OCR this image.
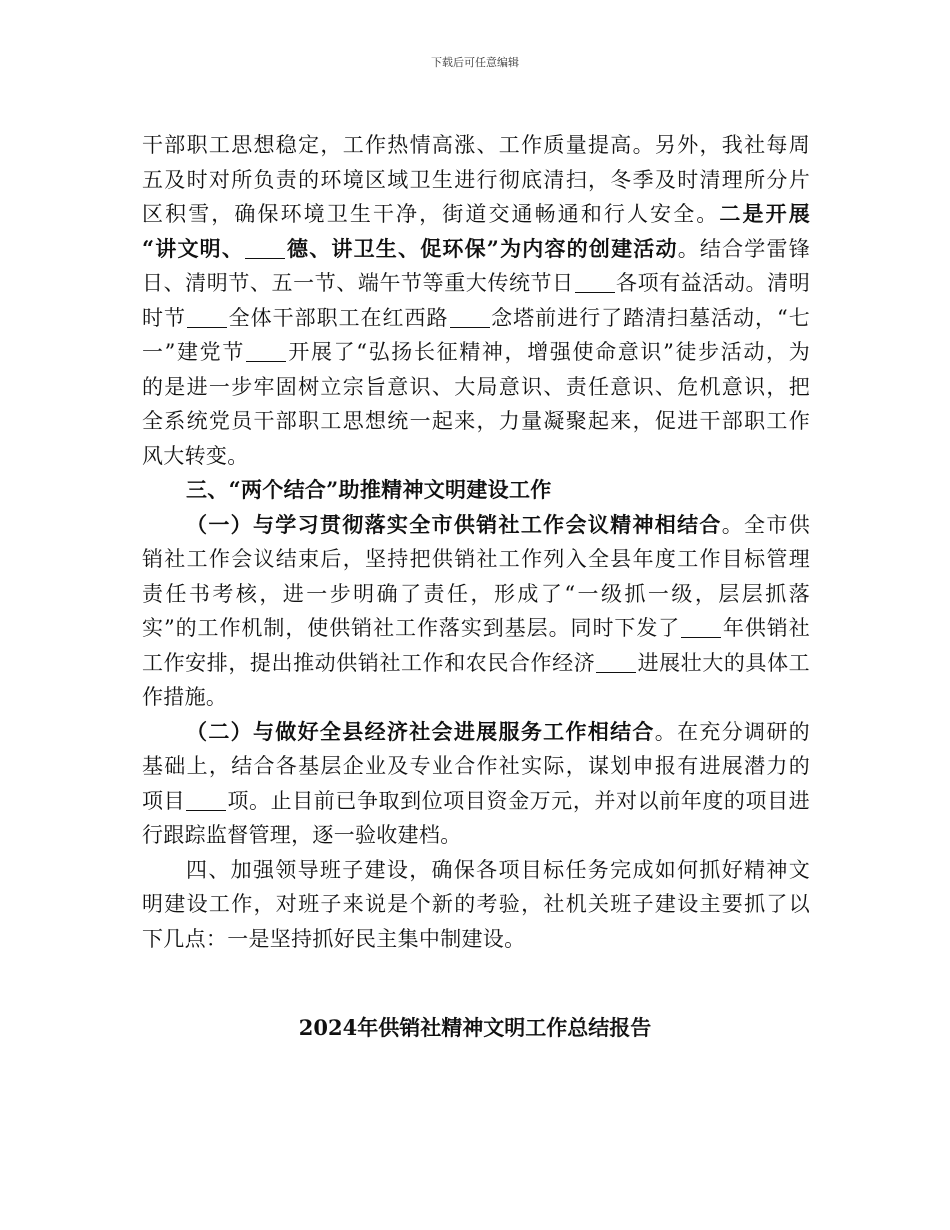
下载后可任意编辑
干部职工思想稳定，工作热情高涨、工作质量提高。另外，我社每周
五及时对所负责的环境区域卫生进行彻底清扫，冬季及时清理所分片
区积雪，确保环境卫生干净，街道交通畅通和行人安全。二是开展
“讲文明、 德、讲卫生、促环保”为内容的创建活动。结合学雷锋
日、清明节、五一节、端午节等重大传统节日 各项有益活动。清明
时节 全体干部职工在红西路 念塔前进行了踏清扫墓活动，“七
一”建党节 开展了“弘扬长征精神，增强使命意识”徒步活动，为
的是进一步牢固树立宗旨意识、大局意识、责任意识、危机意识，把
全系统党员干部职工思想统一起来，力量凝聚起来，促进干部职工作
风大转变。
三、“两个结合”助推精神文明建设工作
（一）与学习贯彻落实全市供销社工作会议精神相结合。全市供
销社工作会议结束后，坚持把供销社工作列入全县年度工作目标管理
责任书考核，进一步明确了责任，形成了“一级抓一级，层层抓落
实”的工作机制，使供销社工作落实到基层。同时下发了 年供销社
工作安排，提出推动供销社工作和农民合作经济 进展壮大的具体工
作措施。
（二）与做好全县经济社会进展服务工作相结合。在充分调研的
基础上，结合各基层企业及专业合作社实际，谋划申报有进展潜力的
项目 项。止目前已争取到位项目资金万元，并对以前年度的项目进
行跟踪监督管理，逐一验收建档。
四、加强领导班子建设，确保各项目标任务完成如何抓好精神文
明建设工作，对班子来说是个新的考验，社机关班子建设主要抓了以
下几点：一是坚持抓好民主集中制建设。
2024年供销社精神文明工作总结报告
